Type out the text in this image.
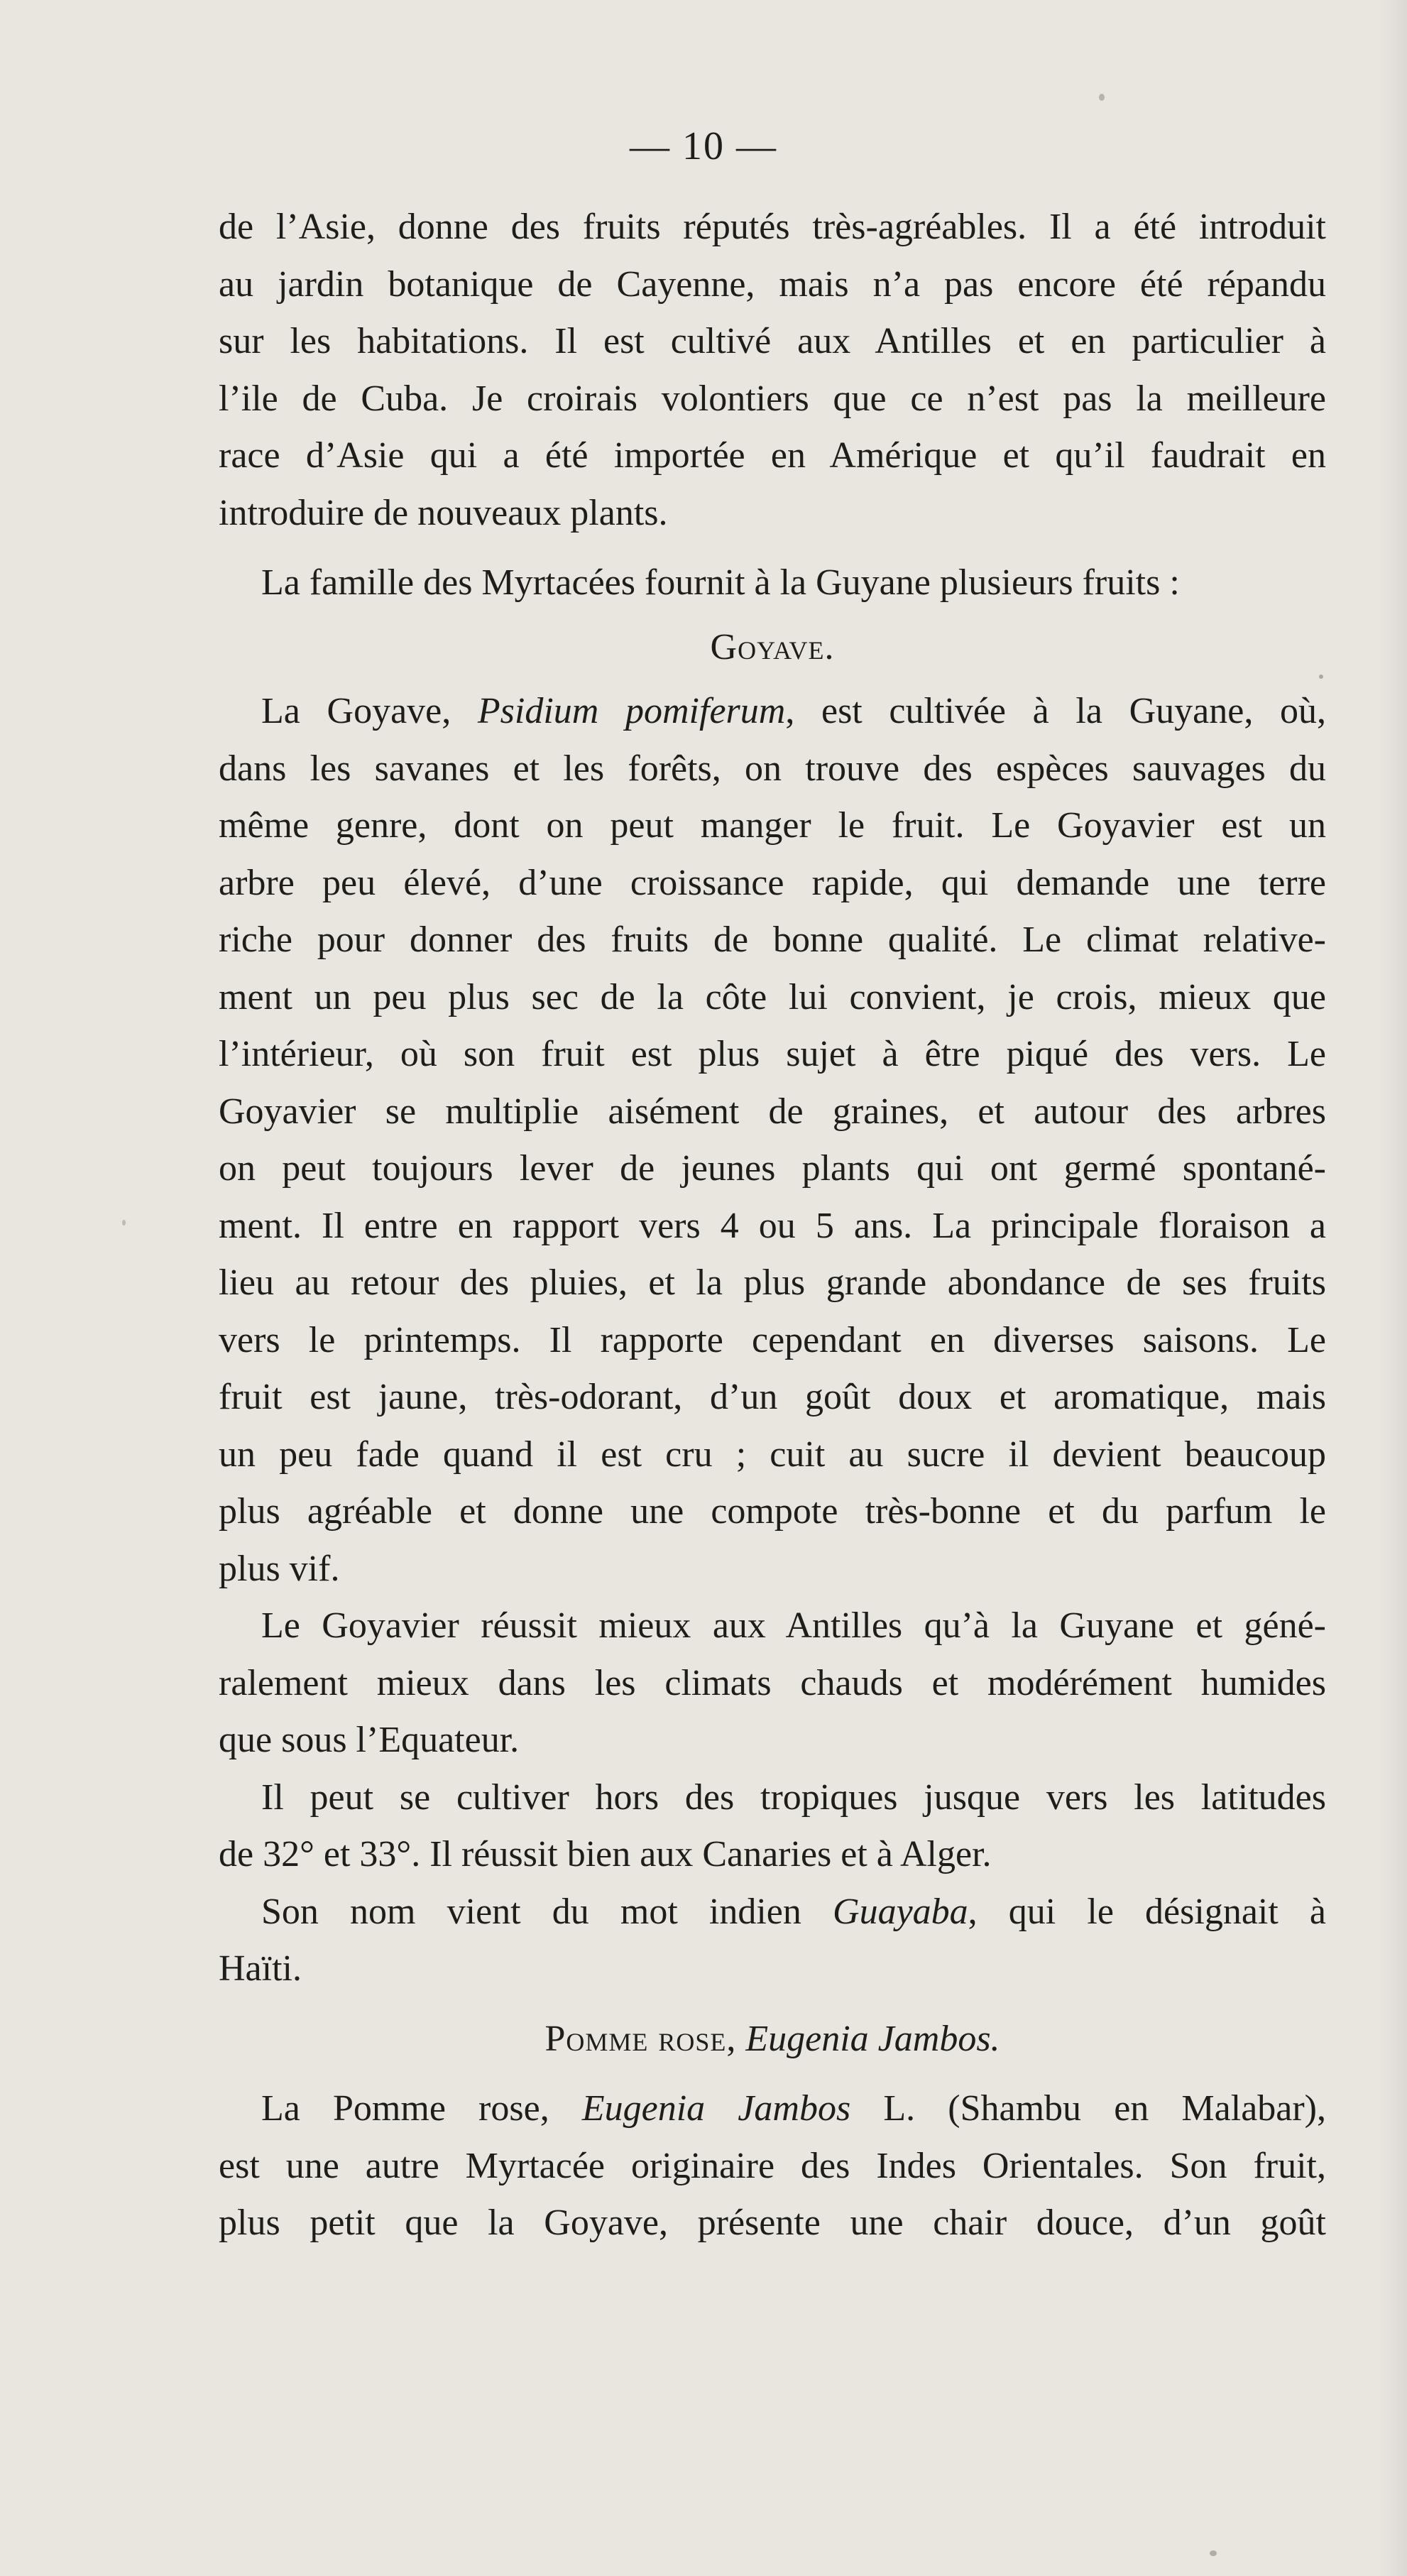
— 10 —
de l’Asie, donne des fruits réputés très-agréables. Il a été introduit
au jardin botanique de Cayenne, mais n’a pas encore été répandu
sur les habitations. Il est cultivé aux Antilles et en particulier à
l’ile de Cuba. Je croirais volontiers que ce n’est pas la meilleure
race d’Asie qui a été importée en Amérique et qu’il faudrait en
introduire de nouveaux plants.
La famille des Myrtacées fournit à la Guyane plusieurs fruits :
Goyave.
La Goyave, Psidium pomiferum, est cultivée à la Guyane, où,
dans les savanes et les forêts, on trouve des espèces sauvages du
même genre, dont on peut manger le fruit. Le Goyavier est un
arbre peu élevé, d’une croissance rapide, qui demande une terre
riche pour donner des fruits de bonne qualité. Le climat relative-
ment un peu plus sec de la côte lui convient, je crois, mieux que
l’intérieur, où son fruit est plus sujet à être piqué des vers. Le
Goyavier se multiplie aisément de graines, et autour des arbres
on peut toujours lever de jeunes plants qui ont germé spontané-
ment. Il entre en rapport vers 4 ou 5 ans. La principale floraison a
lieu au retour des pluies, et la plus grande abondance de ses fruits
vers le printemps. Il rapporte cependant en diverses saisons. Le
fruit est jaune, très-odorant, d’un goût doux et aromatique, mais
un peu fade quand il est cru ; cuit au sucre il devient beaucoup
plus agréable et donne une compote très-bonne et du parfum le
plus vif.
Le Goyavier réussit mieux aux Antilles qu’à la Guyane et géné-
ralement mieux dans les climats chauds et modérément humides
que sous l’Equateur.
Il peut se cultiver hors des tropiques jusque vers les latitudes
de 32° et 33°. Il réussit bien aux Canaries et à Alger.
Son nom vient du mot indien Guayaba, qui le désignait à
Haïti.
Pomme rose, Eugenia Jambos.
La Pomme rose, Eugenia Jambos L. (Shambu en Malabar),
est une autre Myrtacée originaire des Indes Orientales. Son fruit,
plus petit que la Goyave, présente une chair douce, d’un goût
